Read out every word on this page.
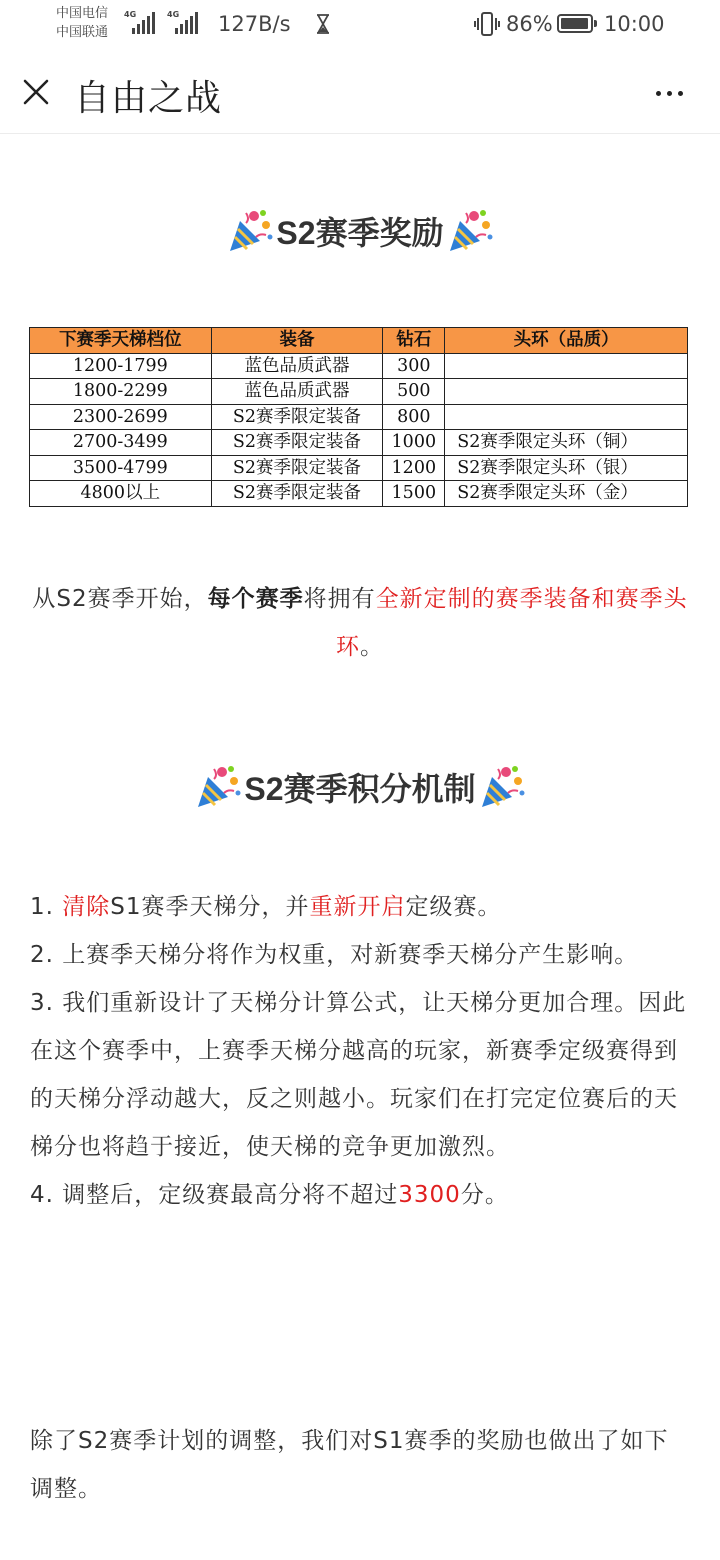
中国电信
中国联通
4G	4G 127B/s	86% 10:00
自由之战
S2赛季奖励
下赛季天梯档位	装备	钻石	头环（品质）
1200-1799	蓝色品质武器	300	
1800-2299	蓝色品质武器	500	
2300-2699	S2赛季限定装备	800	
2700-3499	S2赛季限定装备	1000	S2赛季限定头环（铜）
3500-4799	S2赛季限定装备	1200	S2赛季限定头环（银）
4800以上	S2赛季限定装备	1500	S2赛季限定头环（金）

从S2赛季开始，每个赛季将拥有全新定制的赛季装备和赛季头环。

S2赛季积分机制
1. 清除S1赛季天梯分，并重新开启定级赛。
2. 上赛季天梯分将作为权重，对新赛季天梯分产生影响。
3. 我们重新设计了天梯分计算公式，让天梯分更加合理。因此在这个赛季中，上赛季天梯分越高的玩家，新赛季定级赛得到的天梯分浮动越大，反之则越小。玩家们在打完定位赛后的天梯分也将趋于接近，使天梯的竞争更加激烈。
4. 调整后，定级赛最高分将不超过3300分。

除了S2赛季计划的调整，我们对S1赛季的奖励也做出了如下调整。
